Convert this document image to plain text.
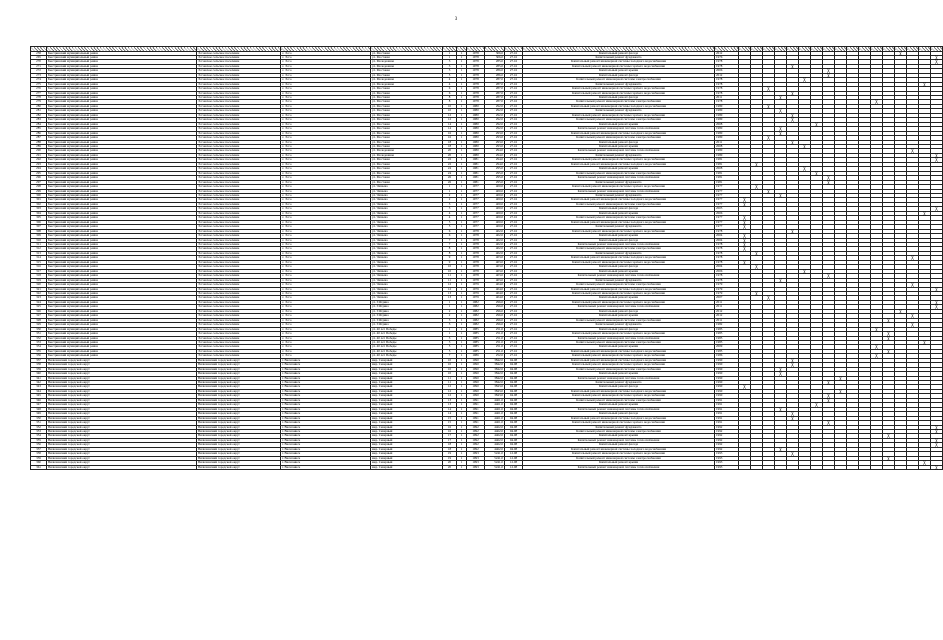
3

258	Быстринский муниципальный район	Эссовское сельское поселение	с. Эссо	ул. Мостовая	1	1	1978	306,0	27.16	Капитальный ремонт фасада	2012														╳			
265	Быстринский муниципальный район	Эссовское сельское поселение	с. Эссо	ул. Мостовая	1	1	1978	306,0	27.16	Капитальный ремонт фундамента	1976																	╳
270	Быстринский муниципальный район	Эссовское сельское поселение	с. Эссо	ул. Молодежная	3	1	1978	285,0	27.16	Капитальный ремонт инженерной системы холодного водоснабжения	1978																	╳
271	Быстринский муниципальный район	Эссовское сельское поселение	с. Эссо	ул. Молодежная	3	1	1978	285,0	27.16	Капитальный ремонт инженерной системы горячего водоснабжения	1978					╳												
272	Быстринский муниципальный район	Эссовское сельское поселение	с. Эссо	ул. Мостовая	5	1	1978	286,0	27.16	Капитальный ремонт крыши	2006								╳									
273	Быстринский муниципальный район	Эссовское сельское поселение	с. Эссо	ул. Мостовая	5	1	1978	286,0	27.16	Капитальный ремонт фасада	2012								╳									
274	Быстринский муниципальный район	Эссовское сельское поселение	с. Эссо	ул. Молодежная	4	1	1978	287,0	27.16	Капитальный ремонт инженерной системы электроснабжения	1978						╳											
275	Быстринский муниципальный район	Эссовское сельское поселение	с. Эссо	ул. Молодежная	4	1	1978	287,0	27.16	Капитальный ремонт фундамента	1978																╳	
276	Быстринский муниципальный район	Эссовское сельское поселение	с. Эссо	ул. Мостовая	6	1	1978	287,0	27.16	Капитальный ремонт инженерной системы горячего водоснабжения	1978			╳														
277	Быстринский муниципальный район	Эссовское сельское поселение	с. Эссо	ул. Мостовая	6	1	1978	287,0	27.16	Капитальный ремонт инженерной системы горячего водоснабжения	1978					╳												
278	Быстринский муниципальный район	Эссовское сельское поселение	с. Эссо	ул. Мостовая	8	1	1978	287,0	27.16	Капитальный ремонт фасада	2011				╳													
279	Быстринский муниципальный район	Эссовское сельское поселение	с. Эссо	ул. Мостовая	8	1	1978	287,0	27.16	Капитальный ремонт инженерной системы электроснабжения	1978												╳					
280	Быстринский муниципальный район	Эссовское сельское поселение	с. Эссо	ул. Мостовая	10	1	1980	292,0	27.16	Капитальный ремонт инженерной системы холодного водоснабжения	1980			╳														
281	Быстринский муниципальный район	Эссовское сельское поселение	с. Эссо	ул. Мостовая	10	1	1980	292,0	27.16	Капитальный ремонт фундамента	1980				╳													
282	Быстринский муниципальный район	Эссовское сельское поселение	с. Эссо	ул. Мостовая	12	1	1980	292,0	27.16	Капитальный ремонт инженерной системы горячего водоснабжения	1980					╳												
283	Быстринский муниципальный район	Эссовское сельское поселение	с. Эссо	ул. Мостовая	12	1	1980	292,0	27.16	Капитальный ремонт инженерной системы электроснабжения	1980					╳												
284	Быстринский муниципальный район	Эссовское сельское поселение	с. Эссо	ул. Мостовая	14	1	1980	292,0	27.16	Капитальный ремонт крыши	2008							╳										
285	Быстринский муниципальный район	Эссовское сельское поселение	с. Эссо	ул. Мостовая	14	1	1980	292,0	27.16	Капитальный ремонт инженерной системы теплоснабжения	1980				╳													
286	Быстринский муниципальный район	Эссовское сельское поселение	с. Эссо	ул. Мостовая	16	1	1980	293,0	27.16	Капитальный ремонт инженерной системы холодного водоснабжения	1980				╳													
287	Быстринский муниципальный район	Эссовское сельское поселение	с. Эссо	ул. Мостовая	16	1	1980	293,0	27.16	Капитальный ремонт инженерной системы электроснабжения	1980			╳														
288	Быстринский муниципальный район	Эссовское сельское поселение	с. Эссо	ул. Мостовая	18	1	1980	293,0	27.16	Капитальный ремонт фасада	2011					╳												
289	Быстринский муниципальный район	Эссовское сельское поселение	с. Эссо	ул. Мостовая	18	1	1980	293,0	27.16	Капитальный ремонт крыши	2008						╳											
290	Быстринский муниципальный район	Эссовское сельское поселение	с. Эссо	ул. Молодежная	20	1	1980	294,0	27.16	Капитальный ремонт инженерной системы теплоснабжения	1980															╳		
291	Быстринский муниципальный район	Эссовское сельское поселение	с. Эссо	ул. Молодежная	20	1	1980	294,0	27.16	Капитальный ремонт фундамента	1980																	╳
292	Быстринский муниципальный район	Эссовское сельское поселение	с. Эссо	ул. Мостовая	22	1	1981	294,0	27.16	Капитальный ремонт инженерной системы горячего водоснабжения	1981																	╳
293	Быстринский муниципальный район	Эссовское сельское поселение	с. Эссо	ул. Мостовая	22	1	1981	294,0	27.16	Капитальный ремонт инженерной системы холодного водоснабжения	1981		╳															
294	Быстринский муниципальный район	Эссовское сельское поселение	с. Эссо	ул. Мостовая	24	1	1981	295,0	27.16	Капитальный ремонт крыши	2008						╳											
295	Быстринский муниципальный район	Эссовское сельское поселение	с. Эссо	ул. Мостовая	24	1	1981	295,0	27.16	Капитальный ремонт инженерной системы электроснабжения	1981							╳										
296	Быстринский муниципальный район	Эссовское сельское поселение	с. Эссо	ул. Мостовая	26	1	1981	295,0	27.16	Капитальный ремонт инженерной системы теплоснабжения	1981								╳									
297	Быстринский муниципальный район	Эссовское сельское поселение	с. Эссо	ул. Мостовая	26	1	1981	295,0	27.16	Капитальный ремонт фундамента	1981								╳									
298	Быстринский муниципальный район	Эссовское сельское поселение	с. Эссо	ул. Чапаева	1	1	1977	400,0	27.16	Капитальный ремонт инженерной системы горячего водоснабжения	1977		╳															
299	Быстринский муниципальный район	Эссовское сельское поселение	с. Эссо	ул. Чапаева	1	1	1977	400,0	27.16	Капитальный ремонт инженерной системы теплоснабжения	1977			╳														
300	Быстринский муниципальный район	Эссовское сельское поселение	с. Эссо	ул. Чапаева	2	1	1977	400,0	27.16	Капитальный ремонт фундамента	1977				╳													
301	Быстринский муниципальный район	Эссовское сельское поселение	с. Эссо	ул. Чапаева	2	1	1977	400,0	27.16	Капитальный ремонт инженерной системы холодного водоснабжения	1977	╳																
302	Быстринский муниципальный район	Эссовское сельское поселение	с. Эссо	ул. Чапаева	3	1	1977	400,0	27.16	Капитальный ремонт инженерной системы электроснабжения	1977	╳																
303	Быстринский муниципальный район	Эссовское сельское поселение	с. Эссо	ул. Чапаева	3	1	1977	400,0	27.16	Капитальный ремонт фасада	2005																	╳
304	Быстринский муниципальный район	Эссовское сельское поселение	с. Эссо	ул. Чапаева	4	1	1977	400,0	27.16	Капитальный ремонт крыши	2006																╳	
305	Быстринский муниципальный район	Эссовское сельское поселение	с. Эссо	ул. Чапаева	4	1	1977	400,0	27.16	Капитальный ремонт инженерной системы электроснабжения	1977	╳																
306	Быстринский муниципальный район	Эссовское сельское поселение	с. Эссо	ул. Чапаева	5	1	1977	400,0	27.16	Капитальный ремонт инженерной системы холодного водоснабжения	1977	╳																
307	Быстринский муниципальный район	Эссовское сельское поселение	с. Эссо	ул. Чапаева	5	1	1977	400,0	27.16	Капитальный ремонт фундамента	1977	╳																
308	Быстринский муниципальный район	Эссовское сельское поселение	с. Эссо	ул. Чапаева	6	1	1978	402,0	27.16	Капитальный ремонт инженерной системы горячего водоснабжения	1978					╳												
309	Быстринский муниципальный район	Эссовское сельское поселение	с. Эссо	ул. Чапаева	6	1	1978	402,0	27.16	Капитальный ремонт крыши	2004	╳																
310	Быстринский муниципальный район	Эссовское сельское поселение	с. Эссо	ул. Чапаева	7	1	1978	402,0	27.16	Капитальный ремонт фасада	2004	╳																
311	Быстринский муниципальный район	Эссовское сельское поселение	с. Эссо	ул. Чапаева	7	1	1978	402,0	27.16	Капитальный ремонт инженерной системы теплоснабжения	1978	╳																
312	Быстринский муниципальный район	Эссовское сельское поселение	с. Эссо	ул. Чапаева	8	1	1978	402,0	27.16	Капитальный ремонт инженерной системы электроснабжения	1978	╳																
313	Быстринский муниципальный район	Эссовское сельское поселение	с. Эссо	ул. Чапаева	8	1	1978	402,0	27.16	Капитальный ремонт фундамента	1978		╳															
314	Быстринский муниципальный район	Эссовское сельское поселение	с. Эссо	ул. Чапаева	9	1	1978	403,0	27.16	Капитальный ремонт инженерной системы холодного водоснабжения	1978															╳		
315	Быстринский муниципальный район	Эссовское сельское поселение	с. Эссо	ул. Чапаева	9	1	1978	403,0	27.16	Капитальный ремонт инженерной системы горячего водоснабжения	1978	╳																
316	Быстринский муниципальный район	Эссовское сельское поселение	с. Эссо	ул. Чапаева	10	1	1978	403,0	27.16	Капитальный ремонт фасада	2004		╳															
317	Быстринский муниципальный район	Эссовское сельское поселение	с. Эссо	ул. Чапаева	10	1	1978	403,0	27.16	Капитальный ремонт крыши	2006						╳											
318	Быстринский муниципальный район	Эссовское сельское поселение	с. Эссо	ул. Чапаева	11	1	1978	403,0	27.16	Капитальный ремонт инженерной системы теплоснабжения	1978								╳									
319	Быстринский муниципальный район	Эссовское сельское поселение	с. Эссо	ул. Чапаева	11	1	1978	403,0	27.16	Капитальный ремонт фундамента	1978				╳													
320	Быстринский муниципальный район	Эссовское сельское поселение	с. Эссо	ул. Чапаева	12	1	1979	404,0	27.16	Капитальный ремонт инженерной системы электроснабжения	1979															╳		
321	Быстринский муниципальный район	Эссовское сельское поселение	с. Эссо	ул. Чапаева	12	1	1979	404,0	27.16	Капитальный ремонт инженерной системы холодного водоснабжения	1979																	╳
322	Быстринский муниципальный район	Эссовское сельское поселение	с. Эссо	ул. Чапаева	13	1	1979	404,0	27.16	Капитальный ремонт инженерной системы горячего водоснабжения	1979		╳															
323	Быстринский муниципальный район	Эссовское сельское поселение	с. Эссо	ул. Чапаева	13	1	1979	404,0	27.16	Капитальный ремонт крыши	2007			╳														
324	Быстринский муниципальный район	Эссовское сельское поселение	с. Эссо	ул. Г.Ягдина	1	1	1982	296,0	27.16	Капитальный ремонт инженерной системы горячего водоснабжения	2011																	╳
325	Быстринский муниципальный район	Эссовское сельское поселение	с. Эссо	ул. Г.Ягдина	1	1	1982	296,0	27.16	Капитальный ремонт инженерной системы теплоснабжения	2011																	╳
326	Быстринский муниципальный район	Эссовское сельское поселение	с. Эссо	ул. Г.Ягдина	2	1	1982	296,0	27.16	Капитальный ремонт фасада	2012														╳			
327	Быстринский муниципальный район	Эссовское сельское поселение	с. Эссо	ул. Г.Ягдина	2	1	1982	296,0	27.16	Капитальный ремонт крыши	2012															╳		
328	Быстринский муниципальный район	Эссовское сельское поселение	с. Эссо	ул. Г.Ягдина	3	1	1982	296,0	27.16	Капитальный ремонт инженерной системы электроснабжения	2011													╳				
329	Быстринский муниципальный район	Эссовское сельское поселение	с. Эссо	ул. Г.Ягдина	3	1	1982	296,0	27.16	Капитальный ремонт фундамента	1982															╳		
330	Быстринский муниципальный район	Эссовское сельское поселение	с. Эссо	ул. 40 лет Победы	1	1	1985	251,0	27.16	Капитальный ремонт фасада	1985												╳					
331	Быстринский муниципальный район	Эссовское сельское поселение	с. Эссо	ул. 40 лет Победы	1	1	1985	251,0	27.16	Капитальный ремонт инженерной системы горячего водоснабжения	1985													╳				
332	Быстринский муниципальный район	Эссовское сельское поселение	с. Эссо	ул. 40 лет Победы	3	1	1985	251,0	27.16	Капитальный ремонт инженерной системы теплоснабжения	1985													╳				
333	Быстринский муниципальный район	Эссовское сельское поселение	с. Эссо	ул. 40 лет Победы	3	1	1985	251,0	27.16	Капитальный ремонт инженерной системы электроснабжения	1985																╳	
334	Быстринский муниципальный район	Эссовское сельское поселение	с. Эссо	ул. 40 лет Победы	5	1	1985	251,0	27.16	Капитальный ремонт крыши	2009												╳					
335	Быстринский муниципальный район	Эссовское сельское поселение	с. Эссо	ул. 40 лет Победы	5	1	1985	251,0	27.16	Капитальный ремонт инженерной системы холодного водоснабжения	1985													╳				
336	Быстринский муниципальный район	Эссовское сельское поселение	с. Эссо	ул. 40 лет Победы	7	1	1986	252,0	27.16	Капитальный ремонт инженерной системы горячего водоснабжения	1986												╳					
337	Вилючинский городской округ	Вилючинский городской округ	г. Вилючинск	мкр. Северный	10	1	1990	3842,0	04.08	Капитальный ремонт инженерной системы холодного водоснабжения	1990					╳												
338	Вилючинский городской округ	Вилючинский городской округ	г. Вилючинск	мкр. Северный	10	1	1990	3842,0	04.08	Капитальный ремонт инженерной системы горячего водоснабжения	1990					╳												
339	Вилючинский городской округ	Вилючинский городской округ	г. Вилючинск	мкр. Северный	10	1	1990	3842,0	04.08	Капитальный ремонт инженерной системы электроснабжения	1990				╳													
340	Вилючинский городской округ	Вилючинский городской округ	г. Вилючинск	мкр. Северный	10	1	1990	3842,0	04.08	Капитальный ремонт крыши	1990				╳													
341	Вилючинский городской округ	Вилючинский городской округ	г. Вилючинск	мкр. Северный	11	1	1990	3842,0	04.08	Капитальный ремонт инженерной системы теплоснабжения	1990									╳								
342	Вилючинский городской округ	Вилючинский городской округ	г. Вилючинск	мкр. Северный	11	1	1990	3842,0	04.08	Капитальный ремонт фундамента	1990								╳									
343	Вилючинский городской округ	Вилючинский городской округ	г. Вилючинск	мкр. Северный	12	1	1990	3843,0	04.08	Капитальный ремонт фасада	1990	╳																
344	Вилючинский городской округ	Вилючинский городской округ	г. Вилючинск	мкр. Северный	12	1	1990	3843,0	04.08	Капитальный ремонт инженерной системы холодного водоснабжения	1990									╳								
345	Вилючинский городской округ	Вилючинский городской округ	г. Вилючинск	мкр. Северный	12	1	1990	3843,0	04.08	Капитальный ремонт инженерной системы горячего водоснабжения	1990								╳									
346	Вилючинский городской округ	Вилючинский городской округ	г. Вилючинск	мкр. Северный	13	1	1991	4461,0	04.08	Капитальный ремонт инженерной системы электроснабжения	1991								╳									
347	Вилючинский городской округ	Вилючинский городской округ	г. Вилючинск	мкр. Северный	13	1	1991	4461,0	04.08	Капитальный ремонт крыши	1991							╳										
348	Вилючинский городской округ	Вилючинский городской округ	г. Вилючинск	мкр. Северный	14	1	1991	4461,0	04.08	Капитальный ремонт инженерной системы теплоснабжения	1991				╳													
349	Вилючинский городской округ	Вилючинский городской округ	г. Вилючинск	мкр. Северный	14	1	1991	4461,0	04.08	Капитальный ремонт фасада	1991					╳												
350	Вилючинский городской округ	Вилючинский городской округ	г. Вилючинск	мкр. Северный	15	1	1991	4461,0	04.08	Капитальный ремонт инженерной системы холодного водоснабжения	1991					╳												
351	Вилючинский городской округ	Вилючинский городской округ	г. Вилючинск	мкр. Северный	15	1	1991	4461,0	04.08	Капитальный ремонт инженерной системы горячего водоснабжения	1991								╳									
352	Вилючинский городской округ	Вилючинский городской округ	г. Вилючинск	мкр. Северный	16	1	1992	4462,0	04.08	Капитальный ремонт фундамента	1992																	╳
353	Вилючинский городской округ	Вилючинский городской округ	г. Вилючинск	мкр. Северный	16	1	1992	4462,0	04.08	Капитальный ремонт инженерной системы электроснабжения	1992																	╳
354	Вилючинский городской округ	Вилючинский городской округ	г. Вилючинск	мкр. Северный	17	1	1992	4462,0	04.08	Капитальный ремонт крыши	1992													╳				
355	Вилючинский городской округ	Вилючинский городской округ	г. Вилючинск	мкр. Северный	17	1	1992	4462,0	04.08	Капитальный ремонт инженерной системы теплоснабжения	1992																	╳
356	Вилючинский городской округ	Вилючинский городской округ	г. Вилючинск	мкр. Северный	18	1	1992	4462,0	04.08	Капитальный ремонт фасада	1992																	╳
357	Вилючинский городской округ	Вилючинский городской округ	г. Вилючинск	мкр. Северный	18	1	1992	4462,0	04.08	Капитальный ремонт инженерной системы холодного водоснабжения	1992				╳													
358	Вилючинский городской округ	Вилючинский городской округ	г. Вилючинск	мкр. Северный	19	1	1993	5241,0	12.08	Капитальный ремонт инженерной системы горячего водоснабжения	1993					╳												
359	Вилючинский городской округ	Вилючинский городской округ	г. Вилючинск	мкр. Северный	19	1	1993	5241,0	12.08	Капитальный ремонт инженерной системы электроснабжения	1993													╳				
360	Вилючинский городской округ	Вилючинский городской округ	г. Вилючинск	мкр. Северный	20	1	1993	5241,0	12.08	Капитальный ремонт крыши	1993																╳	
361	Вилючинский городской округ	Вилючинский городской округ	г. Вилючинск	мкр. Северный	20	1	1993	5241,0	12.08	Капитальный ремонт инженерной системы теплоснабжения	1993																	╳
